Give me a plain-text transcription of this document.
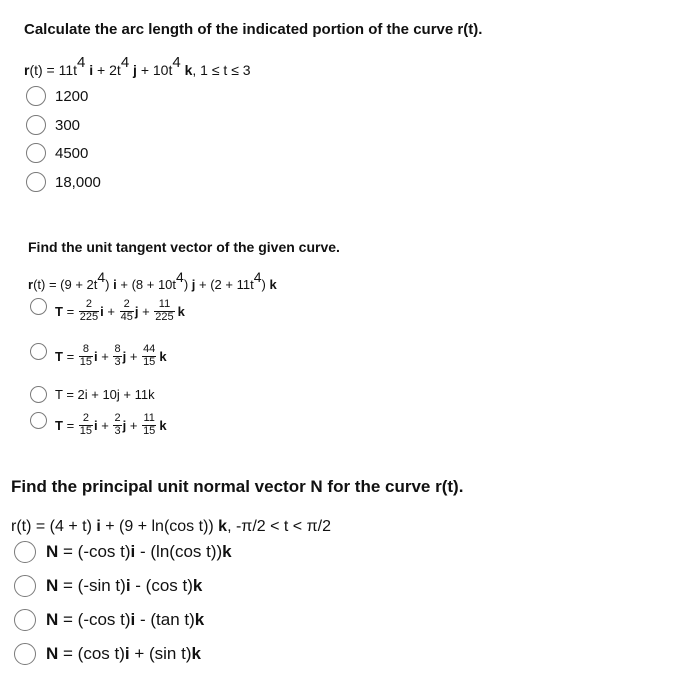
Calculate the arc length of the indicated portion of the curve r(t).
$r(t) = 11t^4$ $i + 2t^4$ $j + 10t^4$ k, 1 ≤ t ≤ 3
1200
300
4500
18,000
Find the unit tangent vector of the given curve.
$r(t) = (9 + 2t^4)$ $i + (8 + 10t^4)$ $j + (2 + 11t^4)$ k
$T = \frac{2}{225}$ $i + \frac{2}{45}$ $j + \frac{11}{225}$ k
$T = \frac{8}{15}$ $i + \frac{8}{3}$ $j + \frac{44}{15}$ k
T = 2i + 10j + 11k
$T = \frac{2}{15}$ $i + \frac{2}{3}$ $j + \frac{11}{15}$ k
Find the principal unit normal vector N for the curve r(t).
r(t) = (4 + t) i + (9 + ln(cos t)) k, -π/2 < t < π/2
N = (-cos t)i - (ln(cos t))k
N = (-sin t)i - (cos t)k
N = (-cos t)i - (tan t)k
N = (cos t)i + (sin t)k
